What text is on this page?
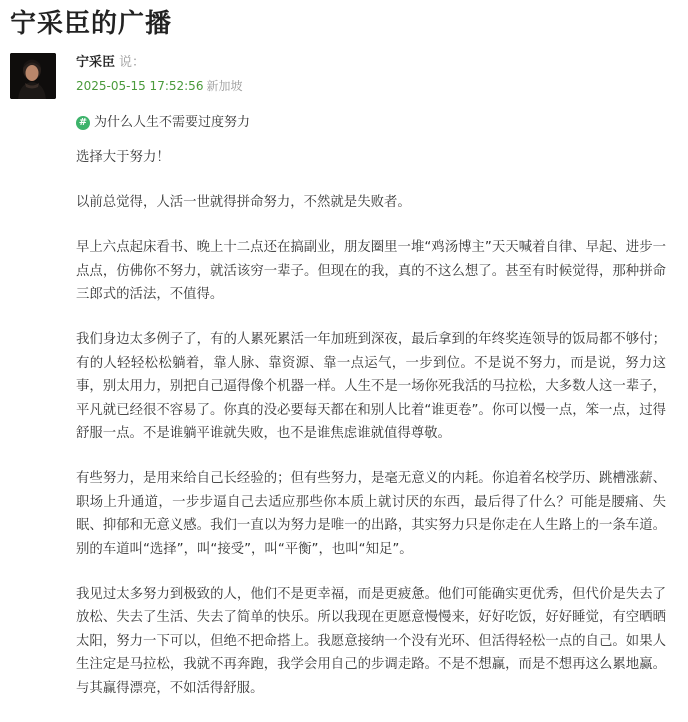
宁采臣的广播
宁采臣 说：
2025-05-15 17:52:56 新加坡
# 为什么人生不需要过度努力

选择大于努力！

以前总觉得，人活一世就得拼命努力，不然就是失败者。

早上六点起床看书、晚上十二点还在搞副业，朋友圈里一堆“鸡汤博主”天天喊着自律、早起、进步一点点，仿佛你不努力，就活该穷一辈子。但现在的我，真的不这么想了。甚至有时候觉得，那种拼命三郎式的活法，不值得。

我们身边太多例子了，有的人累死累活一年加班到深夜，最后拿到的年终奖连领导的饭局都不够付；有的人轻轻松松躺着，靠人脉、靠资源、靠一点运气，一步到位。不是说不努力，而是说，努力这事，别太用力，别把自己逼得像个机器一样。人生不是一场你死我活的马拉松，大多数人这一辈子，平凡就已经很不容易了。你真的没必要每天都在和别人比着“谁更卷”。你可以慢一点，笨一点，过得舒服一点。不是谁躺平谁就失败，也不是谁焦虑谁就值得尊敬。

有些努力，是用来给自己长经验的；但有些努力，是毫无意义的内耗。你追着名校学历、跳槽涨薪、职场上升通道，一步步逼自己去适应那些你本质上就讨厌的东西，最后得了什么？可能是腰痛、失眠、抑郁和无意义感。我们一直以为努力是唯一的出路，其实努力只是你走在人生路上的一条车道。别的车道叫“选择”，叫“接受”，叫“平衡”，也叫“知足”。

我见过太多努力到极致的人，他们不是更幸福，而是更疲惫。他们可能确实更优秀，但代价是失去了放松、失去了生活、失去了简单的快乐。所以我现在更愿意慢慢来，好好吃饭，好好睡觉，有空晒晒太阳，努力一下可以，但绝不把命搭上。我愿意接纳一个没有光环、但活得轻松一点的自己。如果人生注定是马拉松，我就不再奔跑，我学会用自己的步调走路。不是不想赢，而是不想再这么累地赢。与其赢得漂亮，不如活得舒服。
